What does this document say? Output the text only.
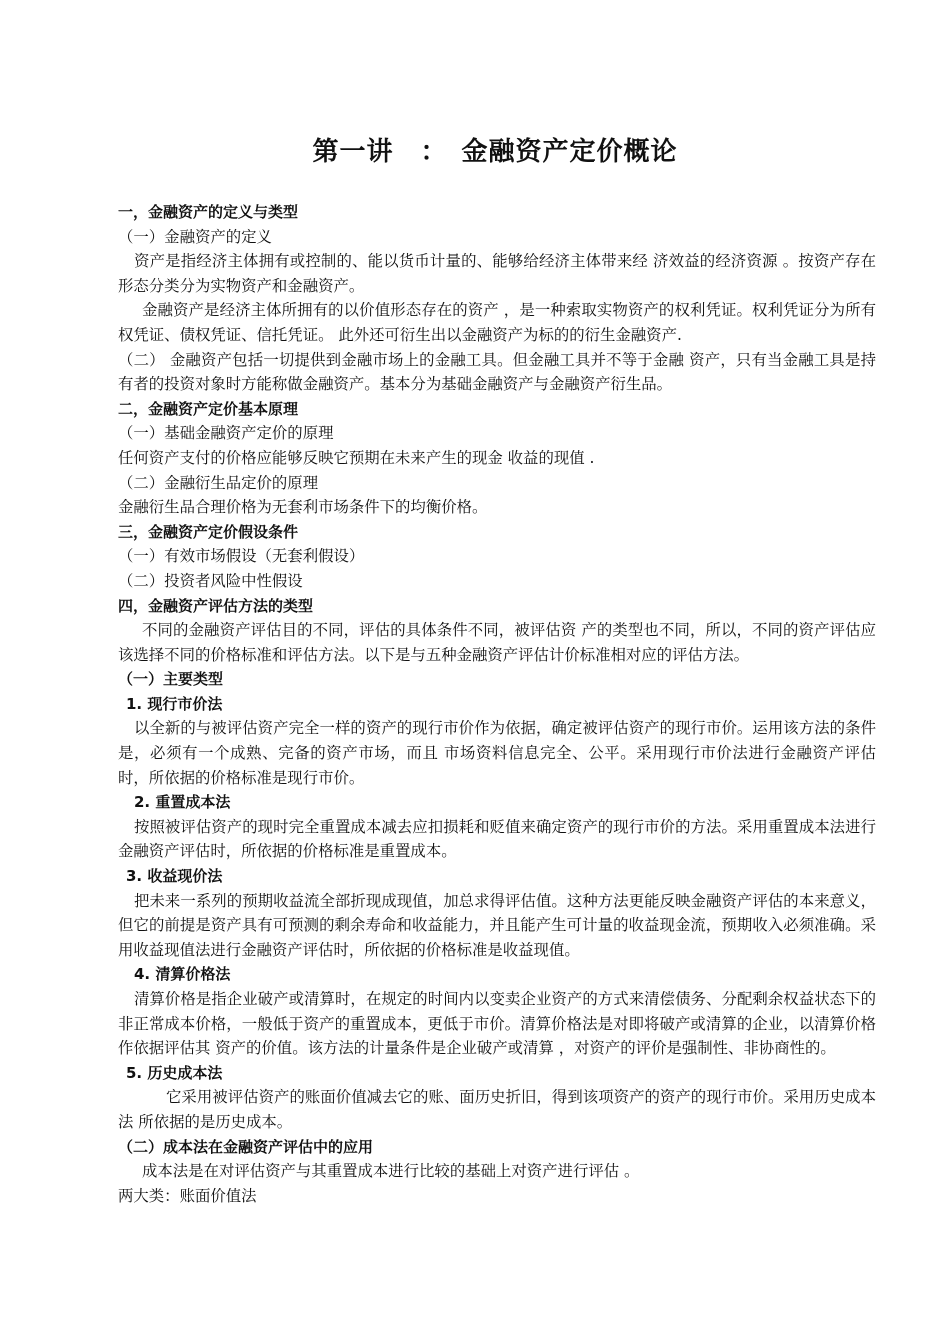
第一讲　：　金融资产定价概论

一，金融资产的定义与类型

（一）金融资产的定义

资产是指经济主体拥有或控制的、能以货币计量的、能够给经济主体带来经 济效益的经济资源 。按资产存在形态分类分为实物资产和金融资产。

金融资产是经济主体所拥有的以价值形态存在的资产 ，是一种索取实物资产的权利凭证。权利凭证分为所有权凭证、债权凭证、信托凭证。 此外还可衍生出以金融资产为标的的衍生金融资产.

（二） 金融资产包括一切提供到金融市场上的金融工具。但金融工具并不等于金融 资产，只有当金融工具是持有者的投资对象时方能称做金融资产。基本分为基础金融资产与金融资产衍生品。

二，金融资产定价基本原理

（一）基础金融资产定价的原理

任何资产支付的价格应能够反映它预期在未来产生的现金 收益的现值 .

（二）金融衍生品定价的原理

金融衍生品合理价格为无套利市场条件下的均衡价格。

三，金融资产定价假设条件

（一）有效市场假设（无套利假设）

（二）投资者风险中性假设

四，金融资产评估方法的类型

不同的金融资产评估目的不同，评估的具体条件不同，被评估资 产的类型也不同，所以，不同的资产评估应该选择不同的价格标准和评估方法。以下是与五种金融资产评估计价标准相对应的评估方法。

（一）主要类型

1. 现行市价法

以全新的与被评估资产完全一样的资产的现行市价作为依据，确定被评估资产的现行市价。运用该方法的条件是，必须有一个成熟、完备的资产市场，而且 市场资料信息完全、公平。采用现行市价法进行金融资产评估时，所依据的价格标准是现行市价。

2. 重置成本法

按照被评估资产的现时完全重置成本减去应扣损耗和贬值来确定资产的现行市价的方法。采用重置成本法进行金融资产评估时，所依据的价格标准是重置成本。

3. 收益现价法

把未来一系列的预期收益流全部折现成现值，加总求得评估值。这种方法更能反映金融资产评估的本来意义，但它的前提是资产具有可预测的剩余寿命和收益能力，并且能产生可计量的收益现金流，预期收入必须准确。采用收益现值法进行金融资产评估时，所依据的价格标准是收益现值。

4. 清算价格法

清算价格是指企业破产或清算时，在规定的时间内以变卖企业资产的方式来清偿债务、分配剩余权益状态下的非正常成本价格，一般低于资产的重置成本，更低于市价。清算价格法是对即将破产或清算的企业，以清算价格作依据评估其 资产的价值。该方法的计量条件是企业破产或清算 ，对资产的评价是强制性、非协商性的。

5. 历史成本法

它采用被评估资产的账面价值减去它的账、面历史折旧，得到该项资产的资产的现行市价。采用历史成本法 所依据的是历史成本。

（二）成本法在金融资产评估中的应用

成本法是在对评估资产与其重置成本进行比较的基础上对资产进行评估 。

两大类：账面价值法
